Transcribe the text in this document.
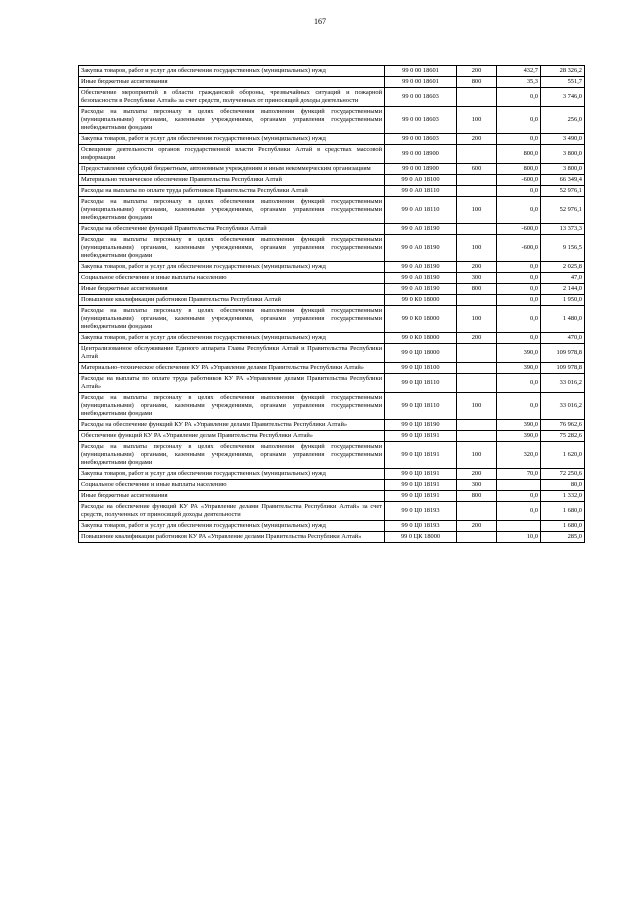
167
Закупка товаров, работ и услуг для обеспечения государственных (муниципальных) нужд	99 0 00 18601	200	432,7	28 326,2
Иные бюджетные ассигнования	99 0 00 18601	800	35,3	551,7
Обеспечение мероприятий в области гражданской обороны, чрезвычайных ситуаций и пожарной безопасности в Республике Алтай» за счет средств, полученных от приносящей доходы деятельности	99 0 00 18603		0,0	3 746,0
Расходы на выплаты персоналу в целях обеспечения выполнения функций государственными (муниципальными) органами, казенными учреждениями, органами управления государственными внебюджетными фондами	99 0 00 18603	100	0,0	256,0
Закупка товаров, работ и услуг для обеспечения государственных (муниципальных) нужд	99 0 00 18603	200	0,0	3 490,0
Освещение деятельности органов государственной власти Республики Алтай в средствах массовой информации	99 0 00 18900		800,0	3 800,0
Предоставление субсидий бюджетным, автономным учреждениям и иным некоммерческим организациям	99 0 00 18900	600	800,0	3 800,0
Материально техническое обеспечение Правительства Республики Алтай	99 0 А0 18100		-600,0	66 349,4
Расходы на выплаты по оплате труда работников Правительства Республики Алтай	99 0 А0 18110		0,0	52 976,1
Расходы на выплаты персоналу в целях обеспечения выполнения функций государственными (муниципальными) органами, казенными учреждениями, органами управления государственными внебюджетными фондами	99 0 А0 18110	100	0,0	52 976,1
Расходы на обеспечение функций Правительства Республики Алтай	99 0 А0 18190		-600,0	13 373,3
Расходы на выплаты персоналу в целях обеспечения выполнения функций государственными (муниципальными) органами, казенными учреждениями, органами управления государственными внебюджетными фондами	99 0 А0 18190	100	-600,0	9 156,5
Закупка товаров, работ и услуг для обеспечения государственных (муниципальных) нужд	99 0 А0 18190	200	0,0	2 025,8
Социальное обеспечение и иные выплаты населению	99 0 А0 18190	300	0,0	47,0
Иные бюджетные ассигнования	99 0 А0 18190	800	0,0	2 144,0
Повышение квалификации работников Правительства Республики Алтай	99 0 К0 18000		0,0	1 950,0
Расходы на выплаты персоналу в целях обеспечения выполнения функций государственными (муниципальными) органами, казенными учреждениями, органами управления государственными внебюджетными фондами	99 0 К0 18000	100	0,0	1 480,0
Закупка товаров, работ и услуг для обеспечения государственных (муниципальных) нужд	99 0 К0 18000	200	0,0	470,0
Централизованное обслуживание Единого аппарата Главы Республики Алтай и Правительства Республики Алтай	99 0 Ц0 18000		390,0	109 978,8
Материально–техническое обеспечение КУ РА «Управление делами Правительства Республики Алтай»	99 0 Ц0 18100		390,0	109 978,8
Расходы на выплаты по оплате труда работников КУ РА «Управление делами Правительства Республики Алтай»	99 0 Ц0 18110		0,0	33 016,2
Расходы на выплаты персоналу в целях обеспечения выполнения функций государственными (муниципальными) органами, казенными учреждениями, органами управления государственными внебюджетными фондами	99 0 Ц0 18110	100	0,0	33 016,2
Расходы на обеспечение функций КУ РА «Управление делами Правительства Республики Алтай»	99 0 Ц0 18190		390,0	76 962,6
Обеспечение функций КУ РА «Управление делам Правительства Республики Алтай»	99 0 Ц0 18191		390,0	75 282,6
Расходы на выплаты персоналу в целях обеспечения выполнения функций государственными (муниципальными) органами, казенными учреждениями, органами управления государственными внебюджетными фондами	99 0 Ц0 18191	100	320,0	1 620,0
Закупка товаров, работ и услуг для обеспечения государственных (муниципальных) нужд	99 0 Ц0 18191	200	70,0	72 250,6
Социальное обеспечение и иные выплаты населению	99 0 Ц0 18191	300		80,0
Иные бюджетные ассигнования	99 0 Ц0 18191	800	0,0	1 332,0
Расходы на обеспечение функций КУ РА «Управление делами Правительства Республики Алтай» за счет средств, полученных от приносящей доходы деятельности	99 0 Ц0 18193		0,0	1 680,0
Закупка товаров, работ и услуг для обеспечения государственных (муниципальных) нужд	99 0 Ц0 18193	200		1 680,0
Повышение квалификации работников КУ РА «Управление делами Правительства Республики Алтай»	99 0 ЦК 18000		10,0	285,0
